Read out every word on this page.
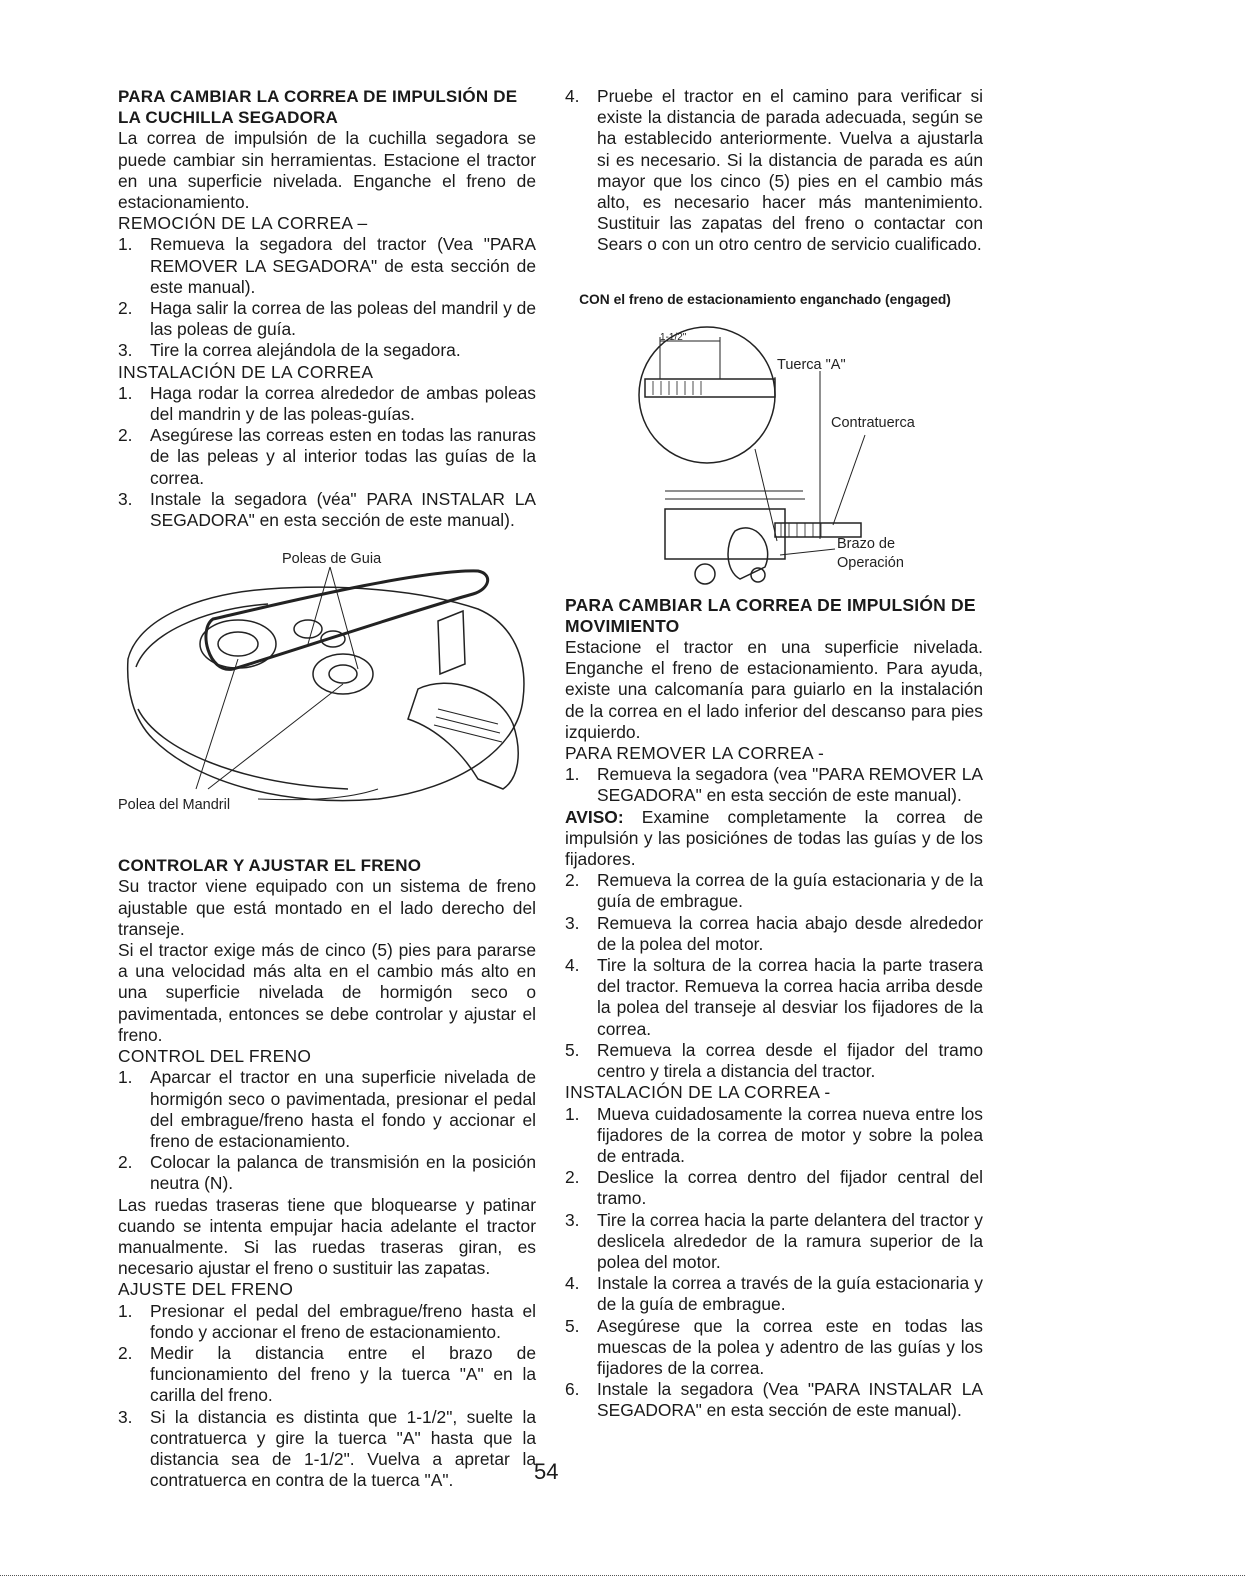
PARA CAMBIAR LA CORREA DE IMPULSIÓN DE LA CUCHILLA SEGADORA

La correa de impulsión de la cuchilla segadora se puede cambiar sin herramientas. Estacione el tractor en una superficie nivelada. Enganche el freno de estacionamiento.

REMOCIÓN DE LA CORREA –

1. Remueva la segadora del tractor (Vea "PARA REMOVER LA SEGADORA" de esta sección de este manual).
2. Haga salir la correa de las poleas del mandril y de las poleas de guía.
3. Tire la correa alejándola de la segadora.

INSTALACIÓN DE LA CORREA

1. Haga rodar la correa alrededor de ambas poleas del mandrin y de las poleas-guías.
2. Asegúrese las correas esten en todas las ranuras de las peleas y al interior todas las guías de la correa.
3. Instale la segadora (véa" PARA INSTALAR LA SEGADORA" en esta sección de este manual).
Poleas de Guia
Polea del Mandril

CONTROLAR Y AJUSTAR EL FRENO

Su tractor viene equipado con un sistema de freno ajustable que está montado en el lado derecho del transeje.

Si el tractor exige más de cinco (5) pies para pararse a una velocidad más alta en el cambio más alto en una superficie nivelada de hormigón seco o pavimentada, entonces se debe controlar y ajustar el freno.

CONTROL DEL FRENO

1. Aparcar el tractor en una superficie nivelada de hormigón seco o pavimentada, presionar el pedal del embrague/freno hasta el fondo y accionar el freno de estacionamiento.
2. Colocar la palanca de transmisión en la posición neutra (N).

Las ruedas traseras tiene que bloquearse y patinar cuando se intenta empujar hacia adelante el tractor manualmente. Si las ruedas traseras giran, es necesario ajustar el freno o sustituir las zapatas.

AJUSTE DEL FRENO

1. Presionar el pedal del embrague/freno hasta el fondo y accionar el freno de estacionamiento.
2. Medir la distancia entre el brazo de funcionamiento del freno y la tuerca "A" en la carilla del freno.
3. Si la distancia es distinta que 1-1/2", suelte la contratuerca y gire la tuerca "A" hasta que la distancia sea de 1-1/2". Vuelva a apretar la contratuerca en contra de la tuerca "A".
4. Pruebe el tractor en el camino para verificar si existe la distancia de parada adecuada, según se ha establecido anteriormente. Vuelva a ajustarla si es necesario. Si la distancia de parada es aún mayor que los cinco (5) pies en el cambio más alto, es necesario hacer más mantenimiento. Sustituir las zapatas del freno o contactar con Sears o con un otro centro de servicio cualificado.

CON el freno de estacionamiento enganchado (engaged)

1-1/2"
Tuerca "A"
Contratuerca
Brazo de Operación

PARA CAMBIAR LA CORREA DE IMPULSIÓN DE MOVIMIENTO

Estacione el tractor en una superficie nivelada. Enganche el freno de estacionamiento. Para ayuda, existe una calcomanía para guiarlo en la instalación de la correa en el lado inferior del descanso para pies izquierdo.

PARA REMOVER LA CORREA -

1. Remueva la segadora (vea "PARA REMOVER LA SEGADORA" en esta sección de este manual).

AVISO: Examine completamente la correa de impulsión y las posiciónes de todas las guías y de los fijadores.

2. Remueva la correa de la guía estacionaria y de la guía de embrague.
3. Remueva la correa hacia abajo desde alrededor de la polea del motor.
4. Tire la soltura de la correa hacia la parte trasera del tractor. Remueva la correa hacia arriba desde la polea del transeje al desviar los fijadores de la correa.
5. Remueva la correa desde el fijador del tramo centro y tirela a distancia del tractor.

INSTALACIÓN DE LA CORREA -

1. Mueva cuidadosamente la correa nueva entre los fijadores de la correa de motor y sobre la polea de entrada.
2. Deslice la correa dentro del fijador central del tramo.
3. Tire la correa hacia la parte delantera del tractor y deslicela alrededor de la ramura superior de la polea del motor.
4. Instale la correa a través de la guía estacionaria y de la guía de embrague.
5. Asegúrese que la correa este en todas las muescas de la polea y adentro de las guías y los fijadores de la correa.
6. Instale la segadora (Vea "PARA INSTALAR LA SEGADORA" en esta sección de este manual).
54
